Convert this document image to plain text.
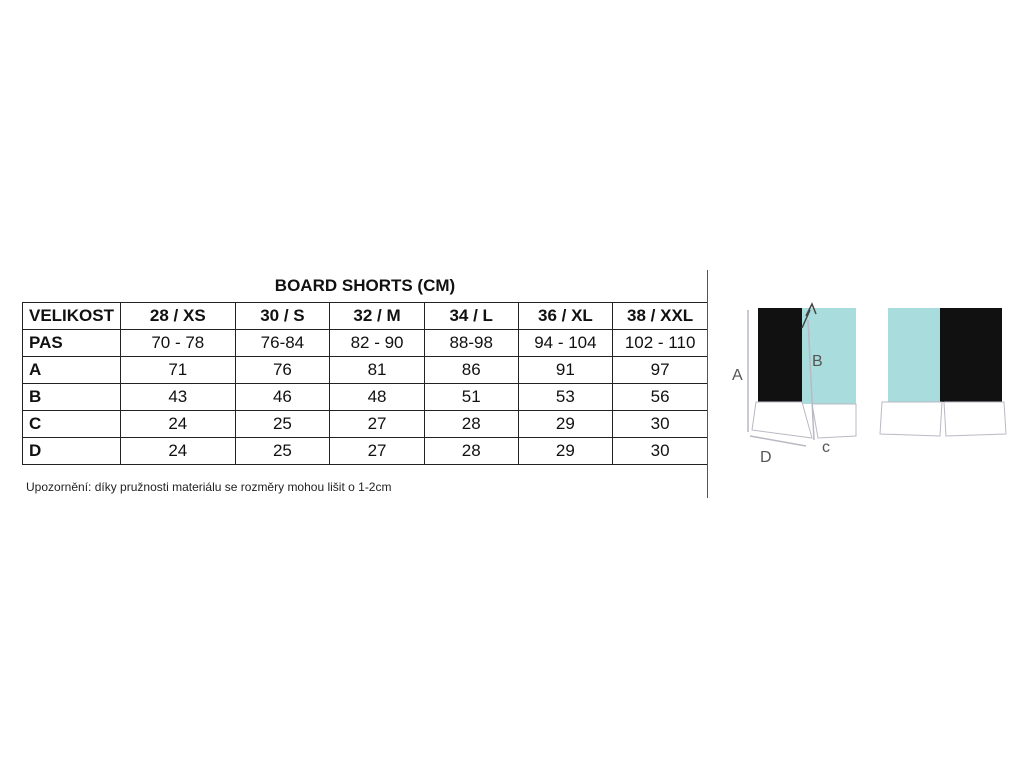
BOARD SHORTS (CM)
VELIKOST	28 / XS	30 / S	32 / M	34 / L	36 / XL	38 / XXL
PAS	70 - 78	76-84	82 - 90	88-98	94 - 104	102 - 110
A	71	76	81	86	91	97
B	43	46	48	51	53	56
C	24	25	27	28	29	30
D	24	25	27	28	29	30
Upozornění: díky pružnosti materiálu se rozměry mohou lišit o 1-2cm
A
B
c
D
